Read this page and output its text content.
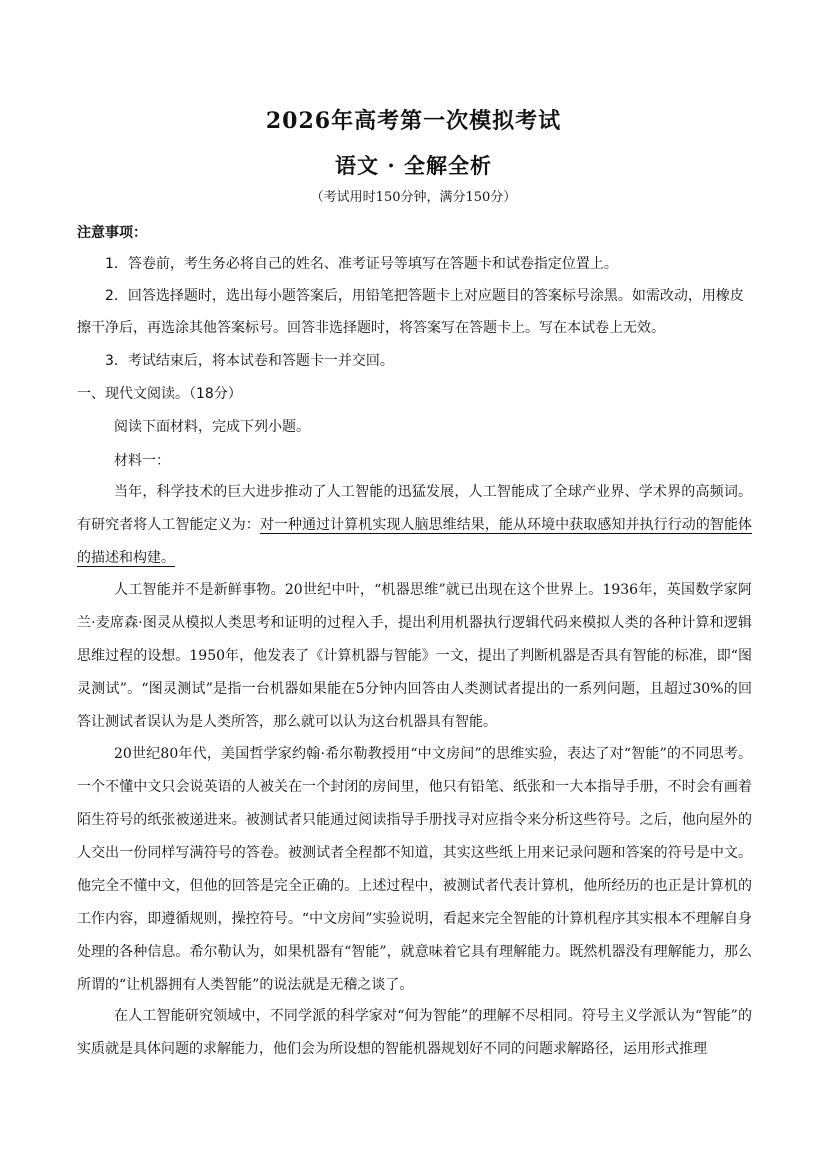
2026年高考第一次模拟考试
语文 · 全解全析
（考试用时150分钟，满分150分）
注意事项：
1．答卷前，考生务必将自己的姓名、准考证号等填写在答题卡和试卷指定位置上。
2．回答选择题时，选出每小题答案后，用铅笔把答题卡上对应题目的答案标号涂黑。如需改动，用橡皮擦干净后，再选涂其他答案标号。回答非选择题时，将答案写在答题卡上。写在本试卷上无效。
3．考试结束后，将本试卷和答题卡一并交回。
一、现代文阅读。（18分）
阅读下面材料，完成下列小题。
材料一：
当年，科学技术的巨大进步推动了人工智能的迅猛发展，人工智能成了全球产业界、学术界的高频词。有研究者将人工智能定义为：对一种通过计算机实现人脑思维结果，能从环境中获取感知并执行行动的智能体的描述和构建。
人工智能并不是新鲜事物。20世纪中叶，“机器思维”就已出现在这个世界上。1936年，英国数学家阿兰·麦席森·图灵从模拟人类思考和证明的过程入手，提出利用机器执行逻辑代码来模拟人类的各种计算和逻辑思维过程的设想。1950年，他发表了《计算机器与智能》一文，提出了判断机器是否具有智能的标准，即“图灵测试”。“图灵测试”是指一台机器如果能在5分钟内回答由人类测试者提出的一系列问题，且超过30%的回答让测试者误认为是人类所答，那么就可以认为这台机器具有智能。
20世纪80年代，美国哲学家约翰·希尔勒教授用“中文房间”的思维实验，表达了对“智能”的不同思考。一个不懂中文只会说英语的人被关在一个封闭的房间里，他只有铅笔、纸张和一大本指导手册，不时会有画着陌生符号的纸张被递进来。被测试者只能通过阅读指导手册找寻对应指令来分析这些符号。之后，他向屋外的人交出一份同样写满符号的答卷。被测试者全程都不知道，其实这些纸上用来记录问题和答案的符号是中文。他完全不懂中文，但他的回答是完全正确的。上述过程中，被测试者代表计算机，他所经历的也正是计算机的工作内容，即遵循规则，操控符号。“中文房间”实验说明，看起来完全智能的计算机程序其实根本不理解自身处理的各种信息。希尔勒认为，如果机器有“智能”，就意味着它具有理解能力。既然机器没有理解能力，那么所谓的“让机器拥有人类智能”的说法就是无稽之谈了。
在人工智能研究领域中，不同学派的科学家对“何为智能”的理解不尽相同。符号主义学派认为“智能”的实质就是具体问题的求解能力，他们会为所设想的智能机器规划好不同的问题求解路径，运用形式推理
